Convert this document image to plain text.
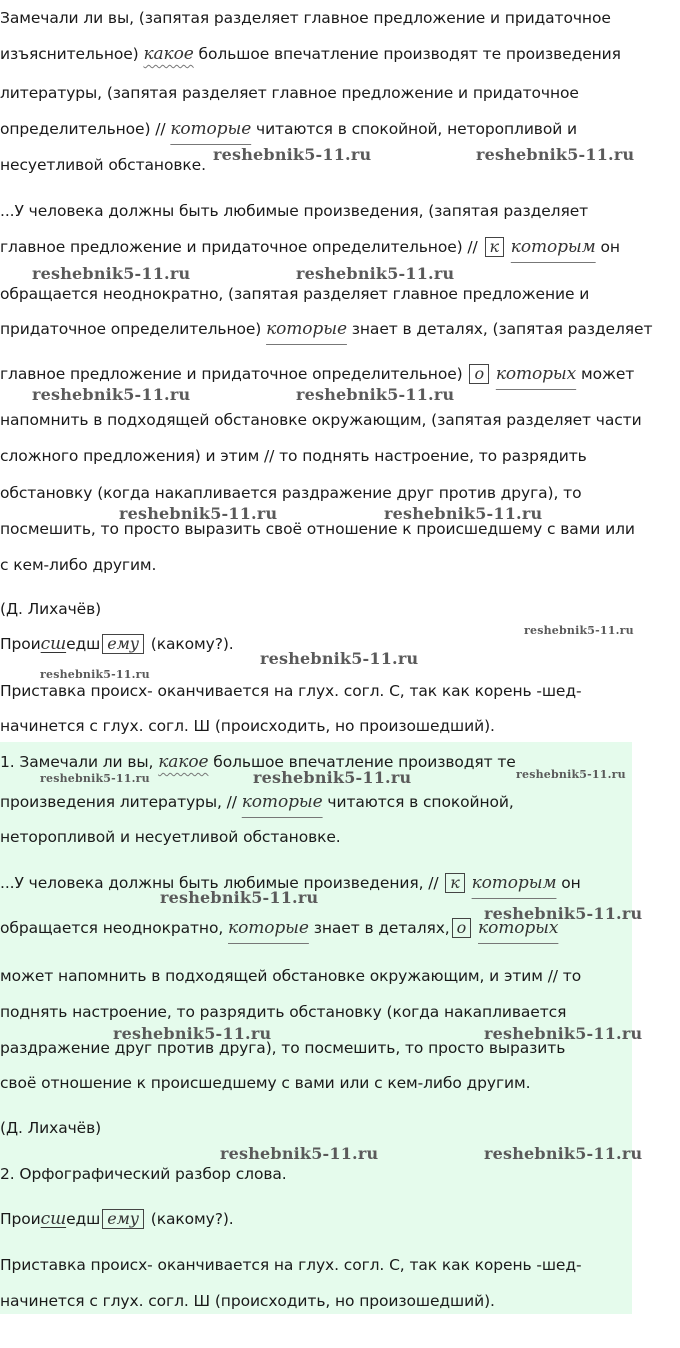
Замечали ли вы, (запятая разделяет главное предложение и придаточное
изъяснительное) какое большое впечатление производят те произведения
литературы, (запятая разделяет главное предложение и придаточное
определительное) // которые читаются в спокойной, неторопливой и
несуетливой обстановке.
...У человека должны быть любимые произведения, (запятая разделяет
главное предложение и придаточное определительное) // к которым он
обращается неоднократно, (запятая разделяет главное предложение и
придаточное определительное) которые знает в деталях, (запятая разделяет
главное предложение и придаточное определительное) о которых может
напомнить в подходящей обстановке окружающим, (запятая разделяет части
сложного предложения) и этим // то поднять настроение, то разрядить
обстановку (когда накапливается раздражение друг против друга), то
посмешить, то просто выразить своё отношение к происшедшему с вами или
с кем-либо другим.
(Д. Лихачёв)
Происшедш ему (какому?).
Приставка происх- оканчивается на глух. согл. С, так как корень -шед-
начинется с глух. согл. Ш (происходить, но произошедший).
1. Замечали ли вы, какое большое впечатление производят те
произведения литературы, // которые читаются в спокойной,
неторопливой и несуетливой обстановке.
...У человека должны быть любимые произведения, // к которым он
обращается неоднократно, которые знает в деталях, о которых
может напомнить в подходящей обстановке окружающим, и этим // то
поднять настроение, то разрядить обстановку (когда накапливается
раздражение друг против друга), то посмешить, то просто выразить
своё отношение к происшедшему с вами или с кем-либо другим.
(Д. Лихачёв)
2. Орфографический разбор слова.
Происшедш ему (какому?).
Приставка происх- оканчивается на глух. согл. С, так как корень -шед-
начинется с глух. согл. Ш (происходить, но произошедший).
reshebnik5-11.ru	reshebnik5-11.ru
reshebnik5-11.ru	reshebnik5-11.ru
reshebnik5-11.ru	reshebnik5-11.ru
reshebnik5-11.ru	reshebnik5-11.ru
reshebnik5-11.ru
reshebnik5-11.ru
reshebnik5-11.ru
reshebnik5-11.ru	reshebnik5-11.ru	reshebnik5-11.ru
reshebnik5-11.ru
reshebnik5-11.ru
reshebnik5-11.ru	reshebnik5-11.ru
reshebnik5-11.ru	reshebnik5-11.ru
